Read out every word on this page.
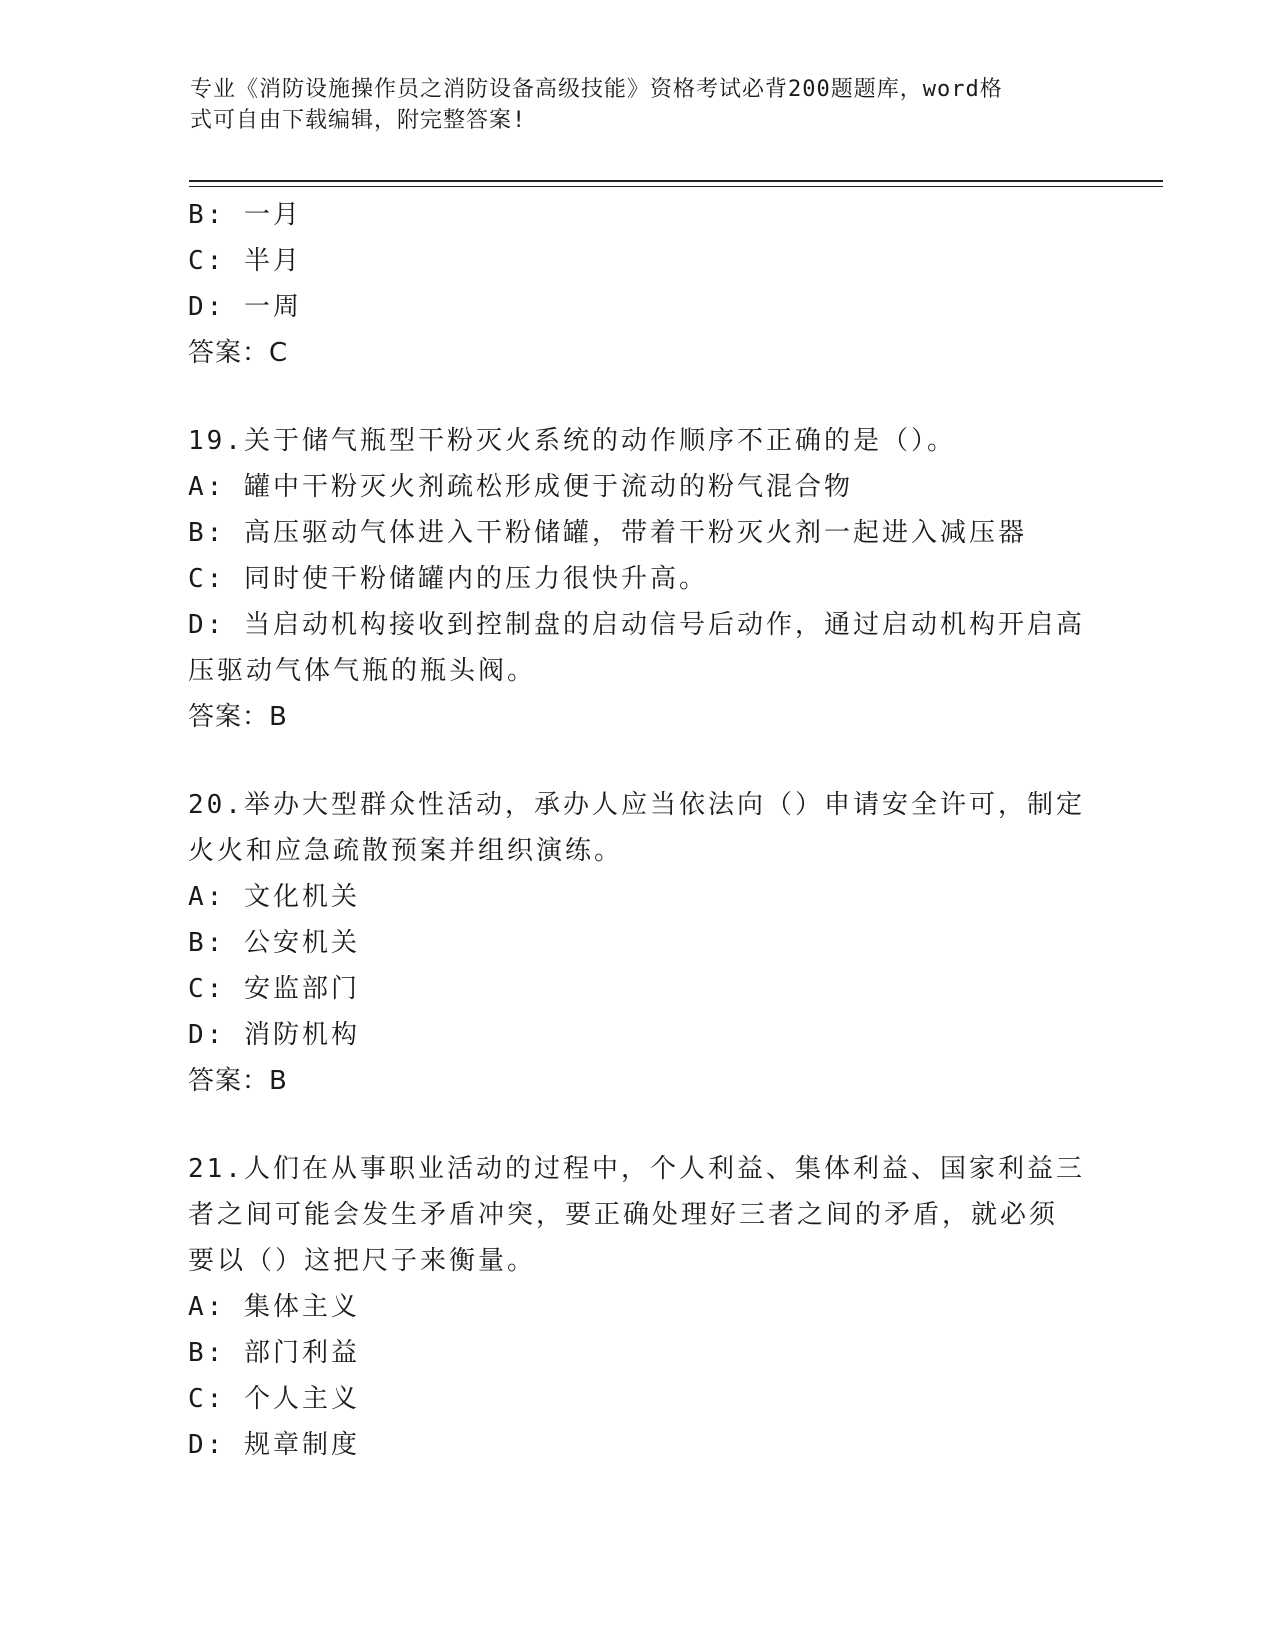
专业《消防设施操作员之消防设备高级技能》资格考试必背200题题库，word格
式可自由下载编辑，附完整答案!
B: 一月
C: 半月
D: 一周
答案：C
19.关于储气瓶型干粉灭火系统的动作顺序不正确的是（）。
A: 罐中干粉灭火剂疏松形成便于流动的粉气混合物
B: 高压驱动气体进入干粉储罐，带着干粉灭火剂一起进入减压器
C: 同时使干粉储罐内的压力很快升高。
D: 当启动机构接收到控制盘的启动信号后动作，通过启动机构开启高
压驱动气体气瓶的瓶头阀。
答案：B
20.举办大型群众性活动，承办人应当依法向（）申请安全许可，制定
火火和应急疏散预案并组织演练。
A: 文化机关
B: 公安机关
C: 安监部门
D: 消防机构
答案：B
21.人们在从事职业活动的过程中，个人利益、集体利益、国家利益三
者之间可能会发生矛盾冲突，要正确处理好三者之间的矛盾，就必须
要以（）这把尺子来衡量。
A: 集体主义
B: 部门利益
C: 个人主义
D: 规章制度
